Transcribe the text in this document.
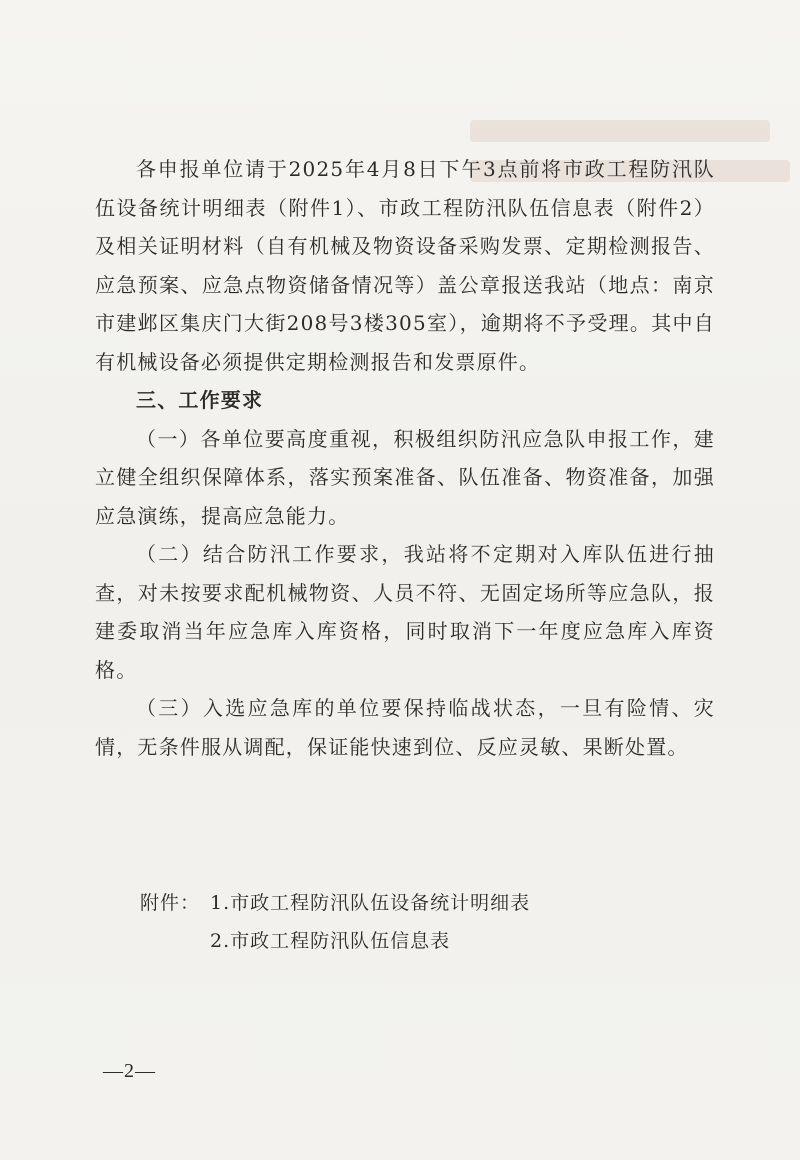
各申报单位请于2025年4月8日下午3点前将市政工程防汛队伍设备统计明细表（附件1）、市政工程防汛队伍信息表（附件2）及相关证明材料（自有机械及物资设备采购发票、定期检测报告、应急预案、应急点物资储备情况等）盖公章报送我站（地点：南京市建邺区集庆门大街208号3楼305室），逾期将不予受理。其中自有机械设备必须提供定期检测报告和发票原件。

三、工作要求

（一）各单位要高度重视，积极组织防汛应急队申报工作，建立健全组织保障体系，落实预案准备、队伍准备、物资准备，加强应急演练，提高应急能力。

（二）结合防汛工作要求，我站将不定期对入库队伍进行抽查，对未按要求配机械物资、人员不符、无固定场所等应急队，报建委取消当年应急库入库资格，同时取消下一年度应急库入库资格。

（三）入选应急库的单位要保持临战状态，一旦有险情、灾情，无条件服从调配，保证能快速到位、反应灵敏、果断处置。

附件： 1.市政工程防汛队伍设备统计明细表
2.市政工程防汛队伍信息表
—2—
